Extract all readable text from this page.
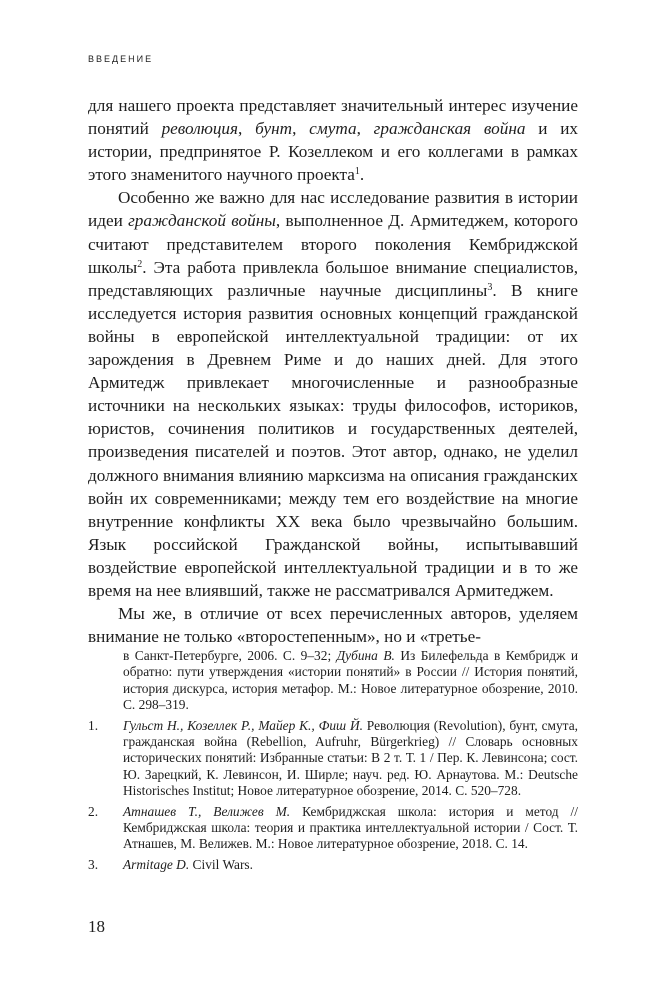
ВВЕДЕНИЕ

для нашего проекта представляет значительный интерес изучение понятий революция, бунт, смута, гражданская война и их истории, предпринятое Р. Козеллеком и его коллегами в рамках этого знаменитого научного проекта$^1$.

Особенно же важно для нас исследование развития в истории идеи гражданской войны, выполненное Д. Армитеджем, которого считают представителем второго поколения Кембриджской школы$^2$. Эта работа привлекла большое внимание специалистов, представляющих различные научные дисциплины$^3$. В книге исследуется история развития основных концепций гражданской войны в европейской интеллектуальной традиции: от их зарождения в Древнем Риме и до наших дней. Для этого Армитедж привлекает многочисленные и разнообразные источники на нескольких языках: труды философов, историков, юристов, сочинения политиков и государственных деятелей, произведения писателей и поэтов. Этот автор, однако, не уделил должного внимания влиянию марксизма на описания гражданских войн их современниками; между тем его воздействие на многие внутренние конфликты XX века было чрезвычайно большим. Язык российской Гражданской войны, испытывавший воздействие европейской интеллектуальной традиции и в то же время на нее влиявший, также не рассматривался Армитеджем.

Мы же, в отличие от всех перечисленных авторов, уделяем внимание не только «второстепенным», но и «третье-

в Санкт-Петербурге, 2006. С. 9–32; Дубина В. Из Билефельда в Кембридж и обратно: пути утверждения «истории понятий» в России // История понятий, история дискурса, история метафор. М.: Новое литературное обозрение, 2010. С. 298–319.
1. Гульст Н., Козеллек Р., Майер К., Фиш Й. Революция (Revolution), бунт, смута, гражданская война (Rebellion, Aufruhr, Bürgerkrieg) // Словарь основных исторических понятий: Избранные статьи: В 2 т. Т. 1 / Пер. К. Левинсона; сост. Ю. Зарецкий, К. Левинсон, И. Ширле; науч. ред. Ю. Арнаутова. М.: Deutsche Historisches Institut; Новое литературное обозрение, 2014. С. 520–728.
2. Атнашев Т., Велижев М. Кембриджская школа: история и метод // Кембриджская школа: теория и практика интеллектуальной истории / Сост. Т. Атнашев, М. Велижев. М.: Новое литературное обозрение, 2018. С. 14.
3. Armitage D. Civil Wars.
18
